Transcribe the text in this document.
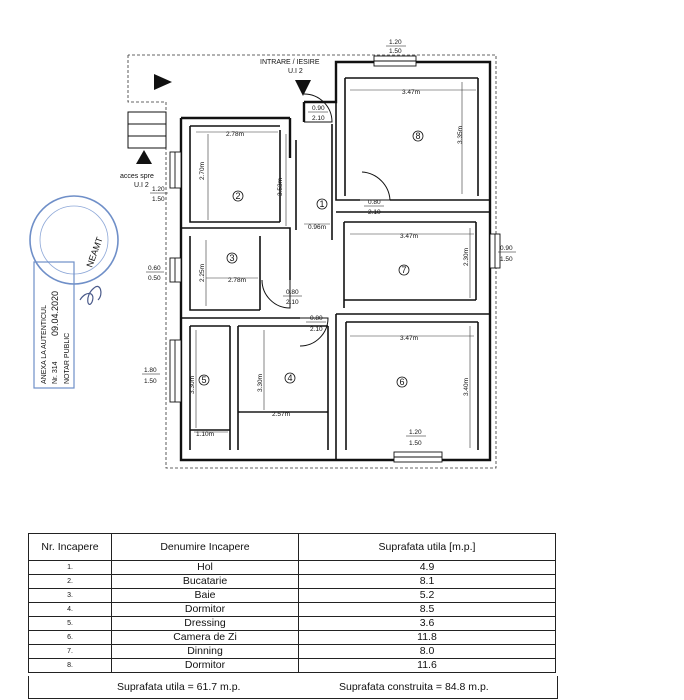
INTRARE / IESIRE
U.I 2
acces spre
U.I 2
1.20
1.50
1.20
1.50
0.60
0.50
1.80
1.50
0.90
1.50
1.20
1.50
0.90
2.10
0.80
2.10
0.80
2.10
0.80
2.10
3.47m
3.35m
2.78m
2.70m
3.53m
0.96m
3.47m
2.30m
2.78m
2.25m
3.47m
3.40m
3.30m
1.10m
3.30m
2.57m
1
2
3
4
5	6
7
8
NEAMT
ANEXA LA AUTENTICUL Nr. 314
09.04.2020
NOTAR PUBLIC
Nr. Incapere	Denumire Incapere	Suprafata utila [m.p.]
1.	Hol	4.9
2.	Bucatarie	8.1
3.	Baie	5.2
4.	Dormitor	8.5
5.	Dressing	3.6
6.	Camera de Zi	11.8
7.	Dinning	8.0
8.	Dormitor	11.6
Suprafata utila = 61.7 m.p.	Suprafata construita = 84.8 m.p.
